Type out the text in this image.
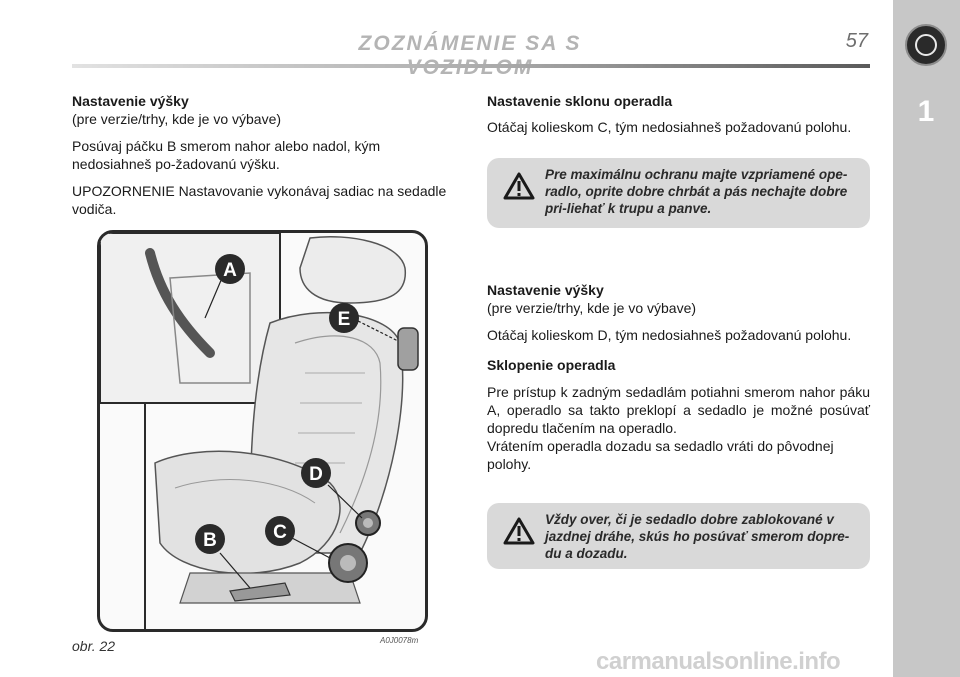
ZOZNÁMENIE SA S	57
1
Nastavenie výšky

(pre verzie/trhy, kde je vo výbave)

Posúvaj páčku B smerom nahor alebo nadol, kým nedosiahneš po-žadovanú výšku.

UPOZORNENIE Nastavovanie vykonávaj sadiac na sedadle vodiča.

Nastavenie sklonu operadla

Otáčaj kolieskom C, tým nedosiahneš požadovanú polohu.

Pre maximálnu ochranu majte vzpriamené ope-radlo, oprite dobre chrbát a pás nechajte dobre pri-liehať k trupu a panve.
Nastavenie výšky

(pre verzie/trhy, kde je vo výbave)

Otáčaj kolieskom D, tým nedosiahneš požadovanú polohu.

Sklopenie operadla

Pre prístup k zadným sedadlám potiahni smerom nahor páku A, operadlo sa takto preklopí a sedadlo je možné posúvať dopredu tlačením na operadlo.

Vrátením operadla dozadu sa sedadlo vráti do pôvodnej polohy.

Vždy over, či je sedadlo dobre zablokované v jazdnej dráhe, skús ho posúvať smerom dopre-du a dozadu.
A
E
D
C
B
obr. 22	A0J0078m
carmanualsonline.info
